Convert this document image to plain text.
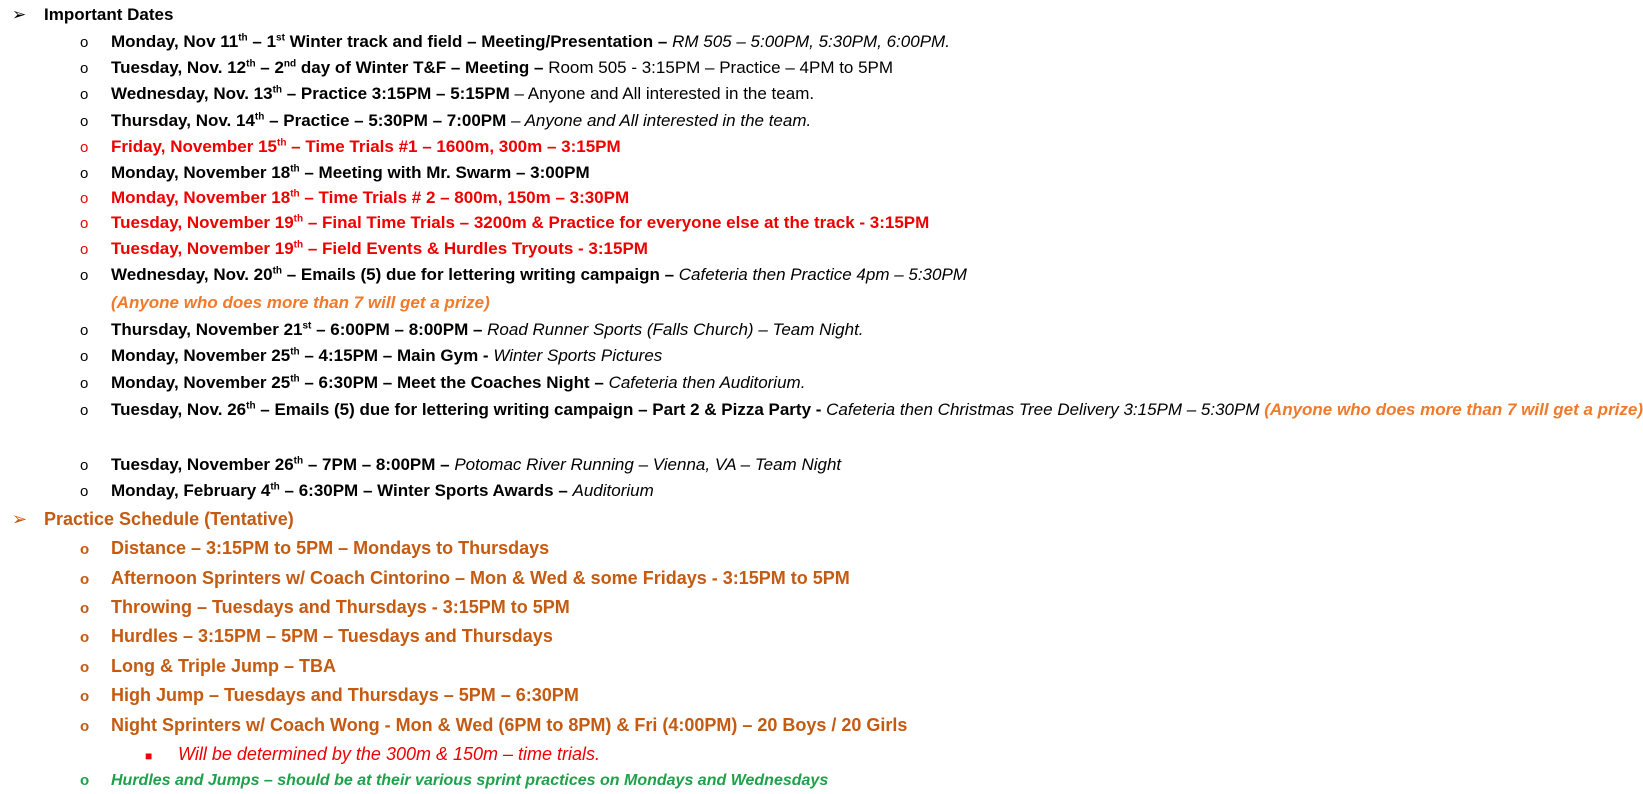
➢ Important Dates
o Monday, Nov 11th – 1st Winter track and field – Meeting/Presentation – RM 505 – 5:00PM, 5:30PM, 6:00PM.
o Tuesday, Nov. 12th – 2nd day of Winter T&F – Meeting – Room 505 - 3:15PM – Practice – 4PM to 5PM
o Wednesday, Nov. 13th – Practice 3:15PM – 5:15PM – Anyone and All interested in the team.
o Thursday, Nov. 14th – Practice – 5:30PM – 7:00PM – Anyone and All interested in the team.
o Friday, November 15th – Time Trials #1 – 1600m, 300m – 3:15PM
o Monday, November 18th – Meeting with Mr. Swarm – 3:00PM
o Monday, November 18th – Time Trials # 2 – 800m, 150m – 3:30PM
o Tuesday, November 19th – Final Time Trials – 3200m & Practice for everyone else at the track - 3:15PM
o Tuesday, November 19th – Field Events & Hurdles Tryouts - 3:15PM
o Wednesday, Nov. 20th – Emails (5) due for lettering writing campaign – Cafeteria then Practice 4pm – 5:30PM
(Anyone who does more than 7 will get a prize)
o Thursday, November 21st – 6:00PM – 8:00PM – Road Runner Sports (Falls Church) – Team Night.
o Monday, November 25th – 4:15PM – Main Gym - Winter Sports Pictures
o Monday, November 25th – 6:30PM – Meet the Coaches Night – Cafeteria then Auditorium.
o Tuesday, Nov. 26th – Emails (5) due for lettering writing campaign – Part 2 & Pizza Party - Cafeteria then Christmas Tree Delivery 3:15PM – 5:30PM (Anyone who does more than 7 will get a prize)
o Tuesday, November 26th – 7PM – 8:00PM – Potomac River Running – Vienna, VA – Team Night
o Monday, February 4th – 6:30PM – Winter Sports Awards – Auditorium
➢ Practice Schedule (Tentative)
o Distance – 3:15PM to 5PM – Mondays to Thursdays
o Afternoon Sprinters w/ Coach Cintorino – Mon & Wed & some Fridays - 3:15PM to 5PM
o Throwing – Tuesdays and Thursdays - 3:15PM to 5PM
o Hurdles – 3:15PM – 5PM – Tuesdays and Thursdays
o Long & Triple Jump – TBA
o High Jump – Tuesdays and Thursdays – 5PM – 6:30PM
o Night Sprinters w/ Coach Wong - Mon & Wed (6PM to 8PM) & Fri (4:00PM) – 20 Boys / 20 Girls
■ Will be determined by the 300m & 150m – time trials.
o Hurdles and Jumps – should be at their various sprint practices on Mondays and Wednesdays
